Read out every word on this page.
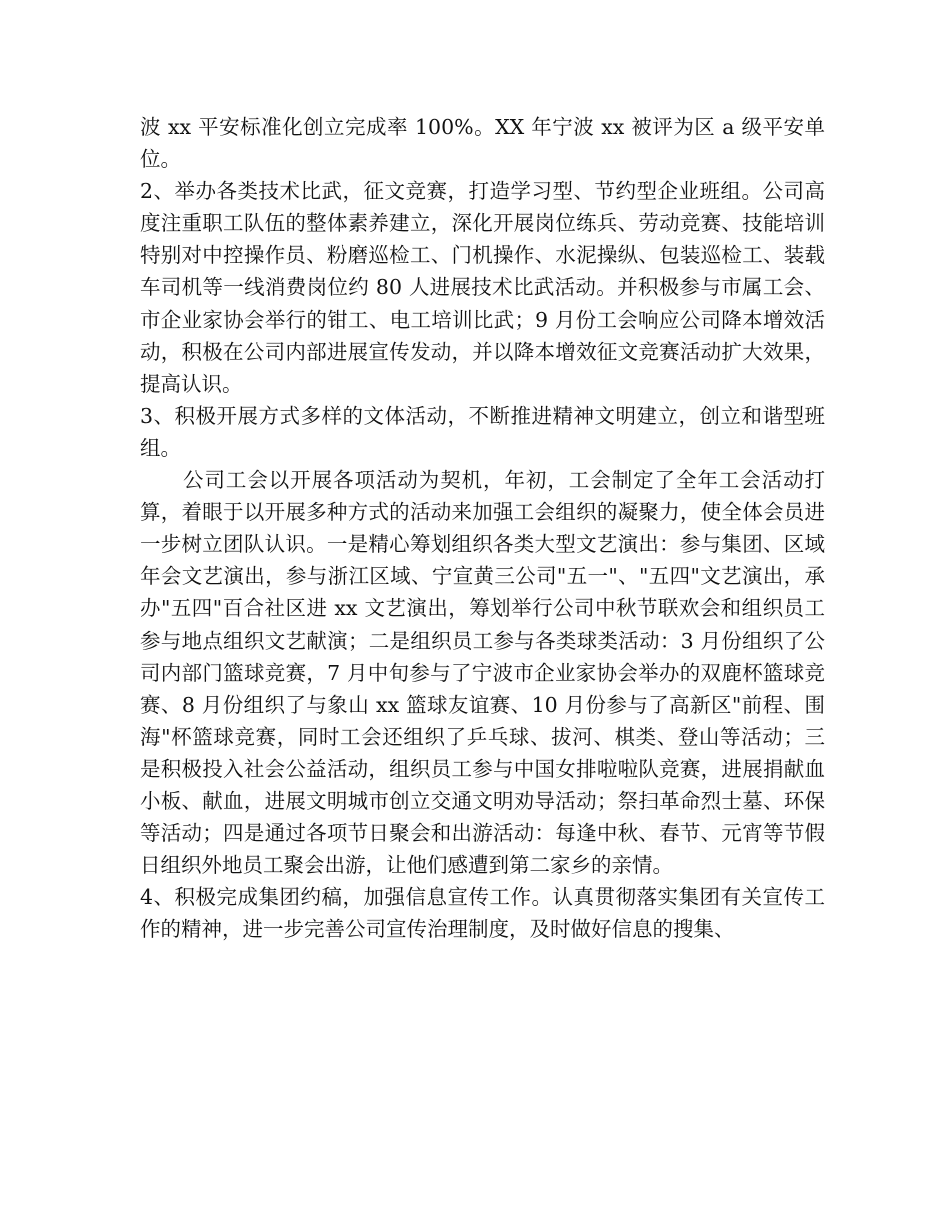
波 xx 平安标准化创立完成率 100%。XX 年宁波 xx 被评为区 a 级平安单位。

2、举办各类技术比武，征文竞赛，打造学习型、节约型企业班组。公司高度注重职工队伍的整体素养建立，深化开展岗位练兵、劳动竞赛、技能培训特别对中控操作员、粉磨巡检工、门机操作、水泥操纵、包装巡检工、装载车司机等一线消费岗位约 80 人进展技术比武活动。并积极参与市属工会、市企业家协会举行的钳工、电工培训比武；9 月份工会响应公司降本增效活动，积极在公司内部进展宣传发动，并以降本增效征文竞赛活动扩大效果，提高认识。

3、积极开展方式多样的文体活动，不断推进精神文明建立，创立和谐型班组。

公司工会以开展各项活动为契机，年初，工会制定了全年工会活动打算，着眼于以开展多种方式的活动来加强工会组织的凝聚力，使全体会员进一步树立团队认识。一是精心筹划组织各类大型文艺演出：参与集团、区域年会文艺演出，参与浙江区域、宁宣黄三公司"五一"、"五四"文艺演出，承办"五四"百合社区进 xx 文艺演出，筹划举行公司中秋节联欢会和组织员工参与地点组织文艺献演；二是组织员工参与各类球类活动：3 月份组织了公司内部门篮球竞赛，7 月中旬参与了宁波市企业家协会举办的双鹿杯篮球竞赛、8 月份组织了与象山 xx 篮球友谊赛、10 月份参与了高新区"前程、围海"杯篮球竞赛，同时工会还组织了乒乓球、拔河、棋类、登山等活动；三是积极投入社会公益活动，组织员工参与中国女排啦啦队竞赛，进展捐献血小板、献血，进展文明城市创立交通文明劝导活动；祭扫革命烈士墓、环保等活动；四是通过各项节日聚会和出游活动：每逢中秋、春节、元宵等节假日组织外地员工聚会出游，让他们感遭到第二家乡的亲情。

4、积极完成集团约稿，加强信息宣传工作。认真贯彻落实集团有关宣传工作的精神，进一步完善公司宣传治理制度，及时做好信息的搜集、
